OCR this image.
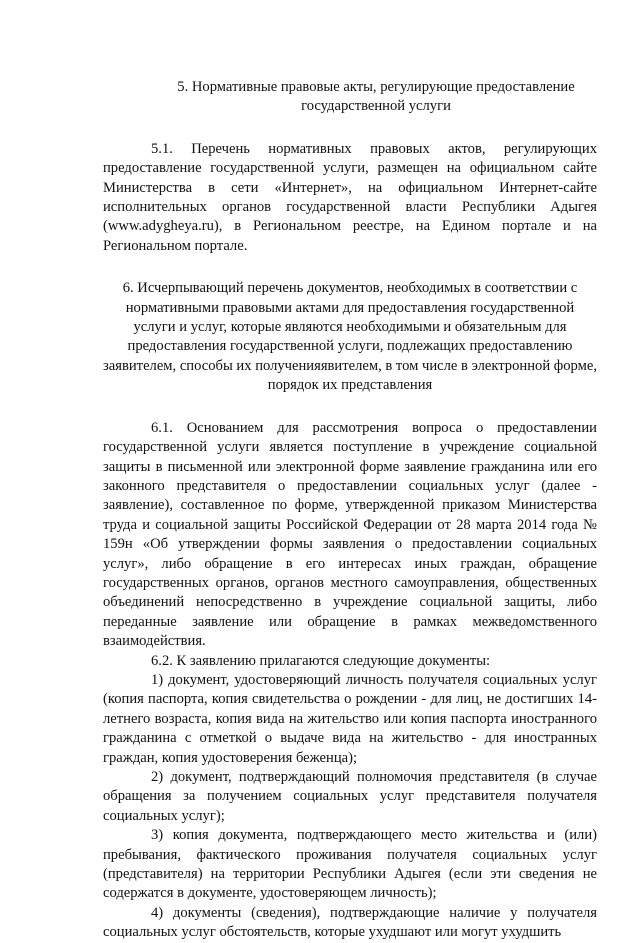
5. Нормативные правовые акты, регулирующие предоставление государственной услуги

5.1. Перечень нормативных правовых актов, регулирующих предоставление государственной услуги, размещен на официальном сайте Министерства в сети «Интернет», на официальном Интернет-сайте исполнительных органов государственной власти Республики Адыгея (www.adygheya.ru), в Региональном реестре, на Едином портале и на Региональном портале.

6. Исчерпывающий перечень документов, необходимых в соответствии с нормативными правовыми актами для предоставления государственной услуги и услуг, которые являются необходимыми и обязательным для предоставления государственной услуги, подлежащих предоставлению заявителем, способы их полученияявителем, в том числе в электронной форме, порядок их представления

6.1. Основанием для рассмотрения вопроса о предоставлении государственной услуги является поступление в учреждение социальной защиты в письменной или электронной форме заявление гражданина или его законного представителя о предоставлении социальных услуг (далее - заявление), составленное по форме, утвержденной приказом Министерства труда и социальной защиты Российской Федерации от 28 марта 2014 года № 159н «Об утверждении формы заявления о предоставлении социальных услуг», либо обращение в его интересах иных граждан, обращение государственных органов, органов местного самоуправления, общественных объединений непосредственно в учреждение социальной защиты, либо переданные заявление или обращение в рамках межведомственного взаимодействия.

6.2. К заявлению прилагаются следующие документы:

1) документ, удостоверяющий личность получателя социальных услуг (копия паспорта, копия свидетельства о рождении - для лиц, не достигших 14-летнего возраста, копия вида на жительство или копия паспорта иностранного гражданина с отметкой о выдаче вида на жительство - для иностранных граждан, копия удостоверения беженца);

2) документ, подтверждающий полномочия представителя (в случае обращения за получением социальных услуг представителя получателя социальных услуг);

3) копия документа, подтверждающего место жительства и (или) пребывания, фактического проживания получателя социальных услуг (представителя) на территории Республики Адыгея (если эти сведения не содержатся в документе, удостоверяющем личность);

4) документы (сведения), подтверждающие наличие у получателя социальных услуг обстоятельств, которые ухудшают или могут ухудшить
